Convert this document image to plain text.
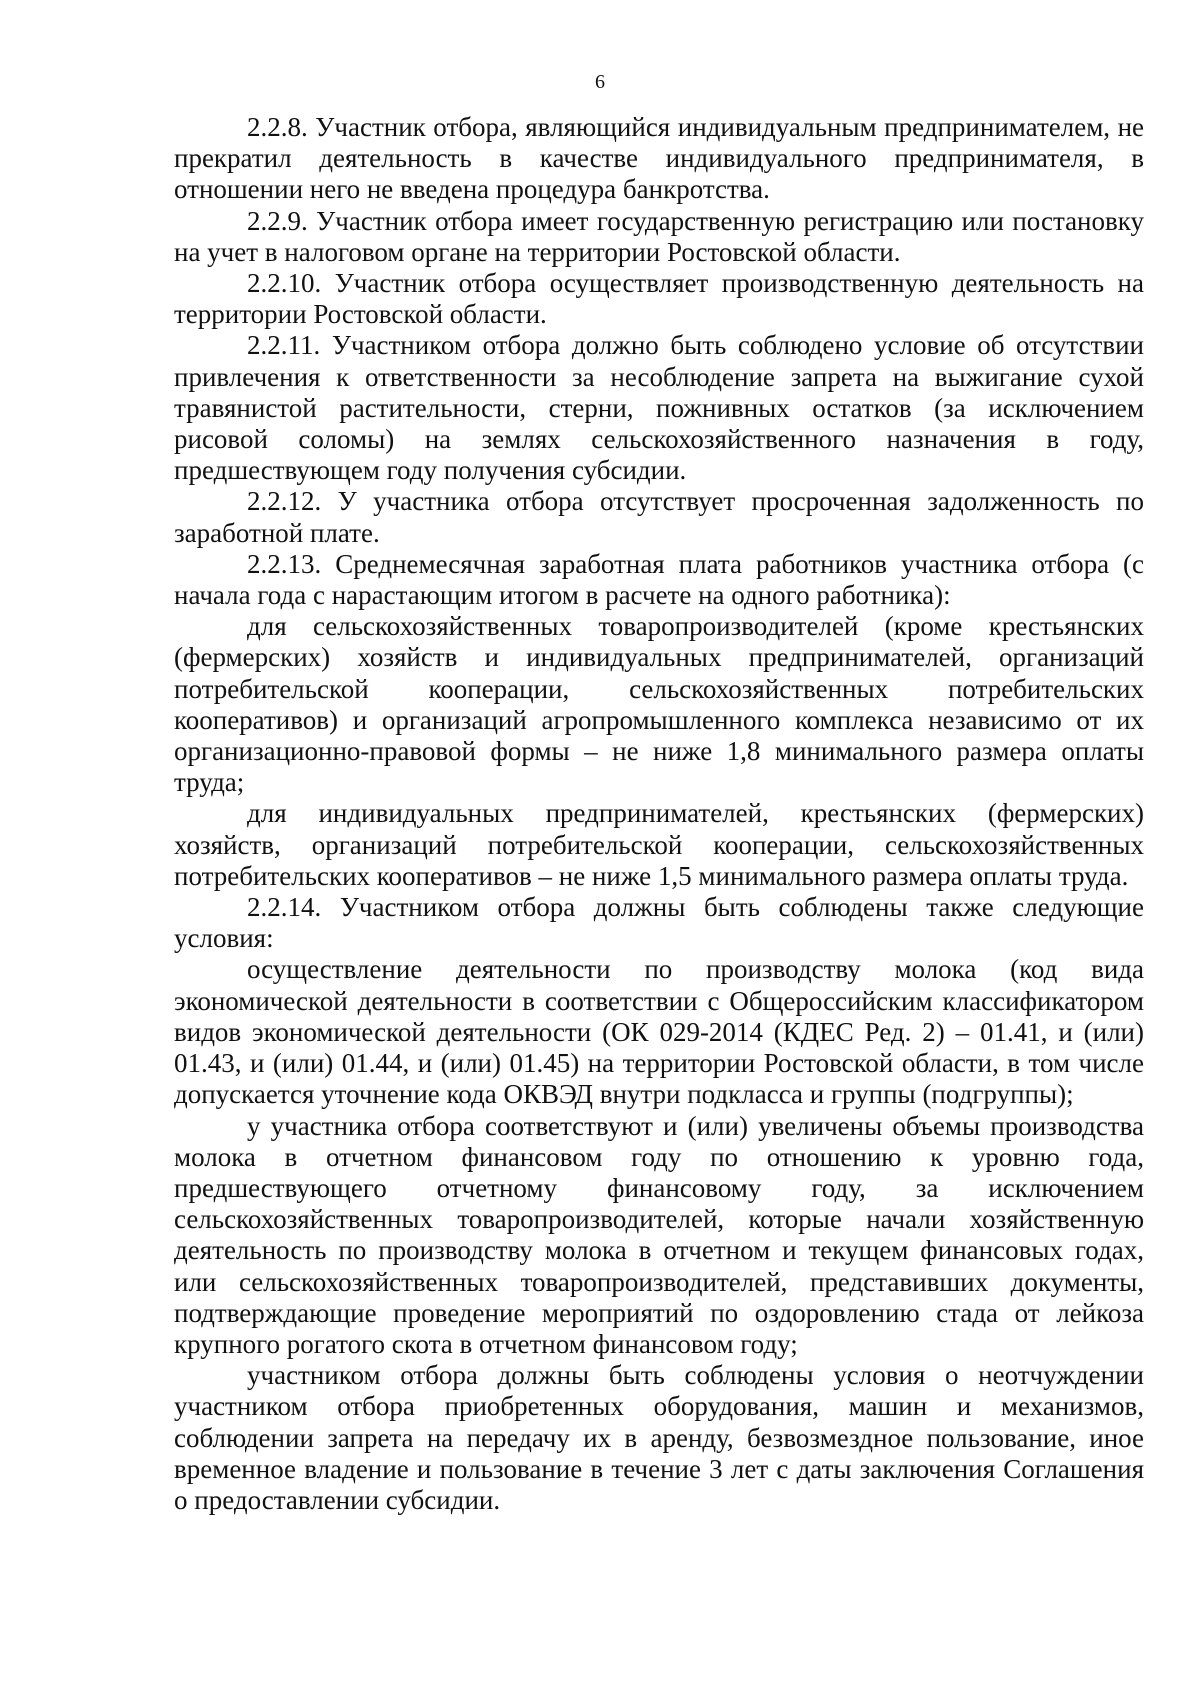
6

2.2.8. Участник отбора, являющийся индивидуальным предпринимателем, не прекратил деятельность в качестве индивидуального предпринимателя, в отношении него не введена процедура банкротства.

2.2.9. Участник отбора имеет государственную регистрацию или постановку на учет в налоговом органе на территории Ростовской области.

2.2.10. Участник отбора осуществляет производственную деятельность на территории Ростовской области.

2.2.11. Участником отбора должно быть соблюдено условие об отсутствии привлечения к ответственности за несоблюдение запрета на выжигание сухой травянистой растительности, стерни, пожнивных остатков (за исключением рисовой соломы) на землях сельскохозяйственного назначения в году, предшествующем году получения субсидии.

2.2.12. У участника отбора отсутствует просроченная задолженность по заработной плате.

2.2.13. Среднемесячная заработная плата работников участника отбора (с начала года с нарастающим итогом в расчете на одного работника):

для сельскохозяйственных товаропроизводителей (кроме крестьянских (фермерских) хозяйств и индивидуальных предпринимателей, организаций потребительской кооперации, сельскохозяйственных потребительских кооперативов) и организаций агропромышленного комплекса независимо от их организационно-правовой формы – не ниже 1,8 минимального размера оплаты труда;

для индивидуальных предпринимателей, крестьянских (фермерских) хозяйств, организаций потребительской кооперации, сельскохозяйственных потребительских кооперативов – не ниже 1,5 минимального размера оплаты труда.

2.2.14. Участником отбора должны быть соблюдены также следующие условия:

осуществление деятельности по производству молока (код вида экономической деятельности в соответствии с Общероссийским классификатором видов экономической деятельности (ОК 029-2014 (КДЕС Ред. 2) – 01.41, и (или) 01.43, и (или) 01.44, и (или) 01.45) на территории Ростовской области, в том числе допускается уточнение кода ОКВЭД внутри подкласса и группы (подгруппы);

у участника отбора соответствуют и (или) увеличены объемы производства молока в отчетном финансовом году по отношению к уровню года, предшествующего отчетному финансовому году, за исключением сельскохозяйственных товаропроизводителей, которые начали хозяйственную деятельность по производству молока в отчетном и текущем финансовых годах, или сельскохозяйственных товаропроизводителей, представивших документы, подтверждающие проведение мероприятий по оздоровлению стада от лейкоза крупного рогатого скота в отчетном финансовом году;

участником отбора должны быть соблюдены условия о неотчуждении участником отбора приобретенных оборудования, машин и механизмов, соблюдении запрета на передачу их в аренду, безвозмездное пользование, иное временное владение и пользование в течение 3 лет с даты заключения Соглашения о предоставлении субсидии.
